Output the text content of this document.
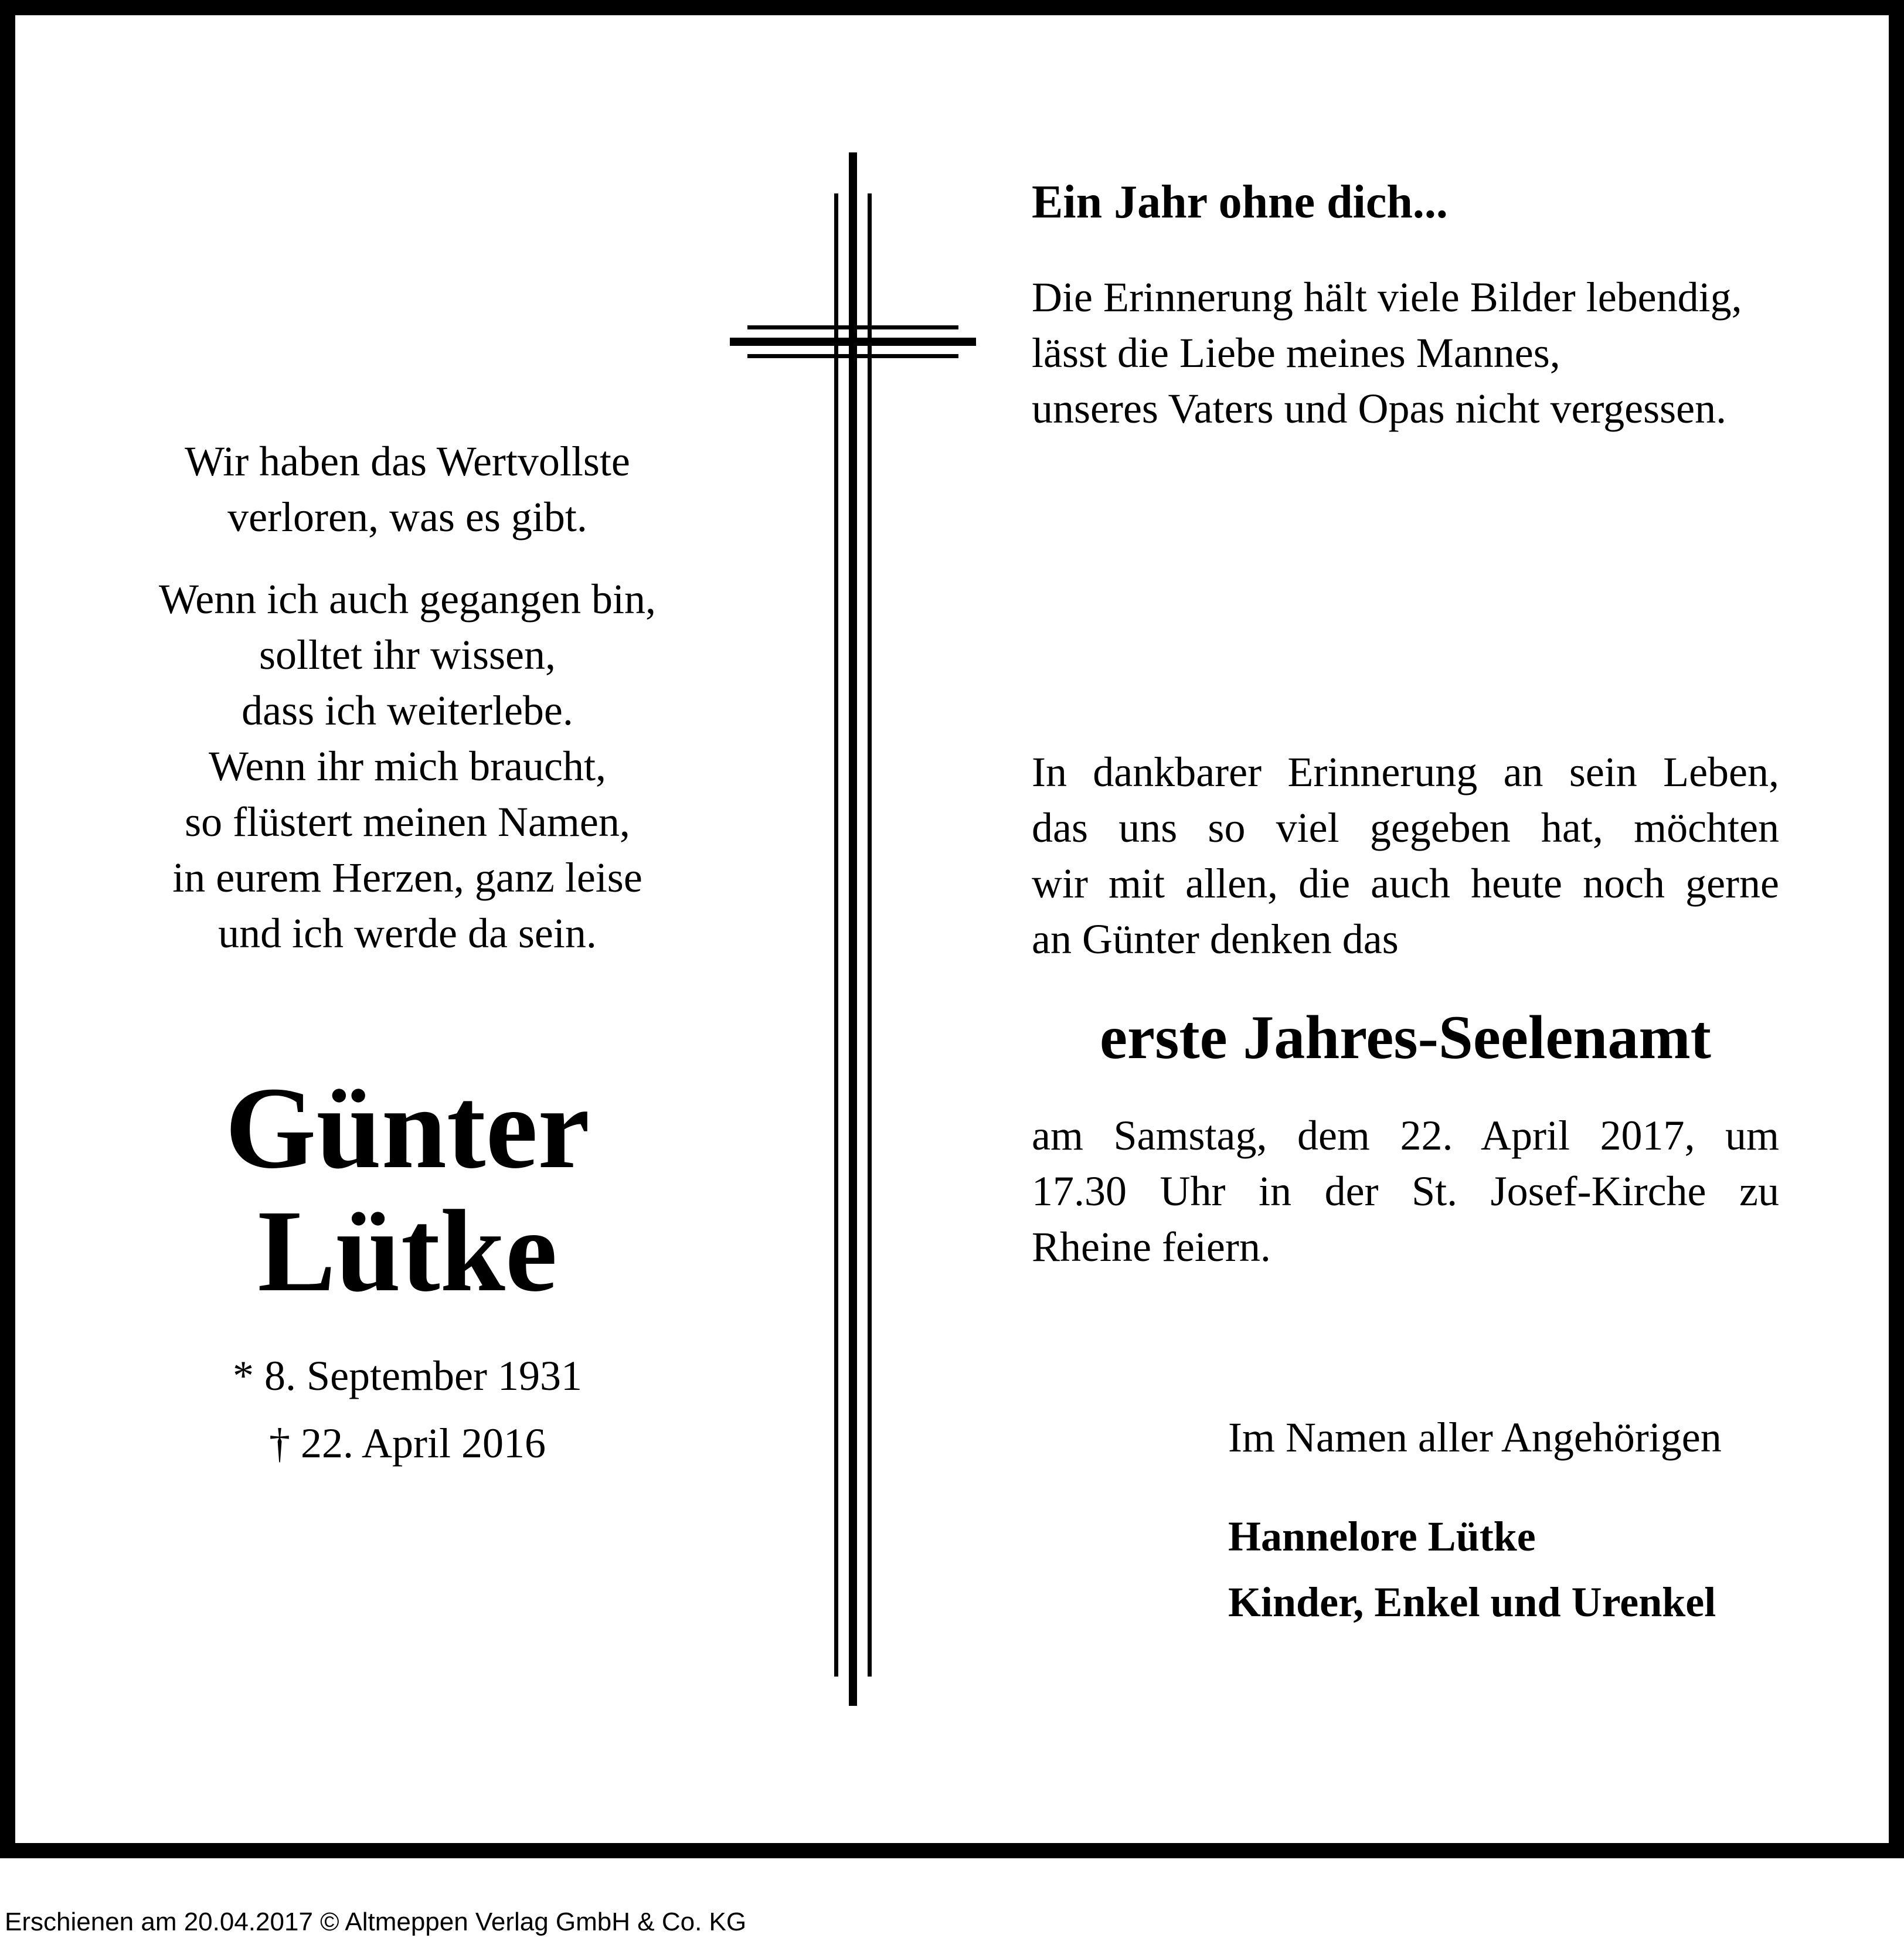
Wir haben das Wertvollste
verloren, was es gibt.
Wenn ich auch gegangen bin,
solltet ihr wissen,
dass ich weiterlebe.
Wenn ihr mich braucht,
so flüstert meinen Namen,
in eurem Herzen, ganz leise
und ich werde da sein.
Günter
Lütke
* 8. September 1931
† 22. April 2016
Ein Jahr ohne dich...
Die Erinnerung hält viele Bilder lebendig,
lässt die Liebe meines Mannes,
unseres Vaters und Opas nicht vergessen.
In dankbarer Erinnerung an sein Leben,
das uns so viel gegeben hat, möchten
wir mit allen, die auch heute noch gerne
an Günter denken das
erste Jahres-Seelenamt
am Samstag, dem 22. April 2017, um
17.30 Uhr in der St. Josef-Kirche zu
Rheine feiern.
Im Namen aller Angehörigen
Hannelore Lütke
Kinder, Enkel und Urenkel
Erschienen am 20.04.2017 © Altmeppen Verlag GmbH & Co. KG
